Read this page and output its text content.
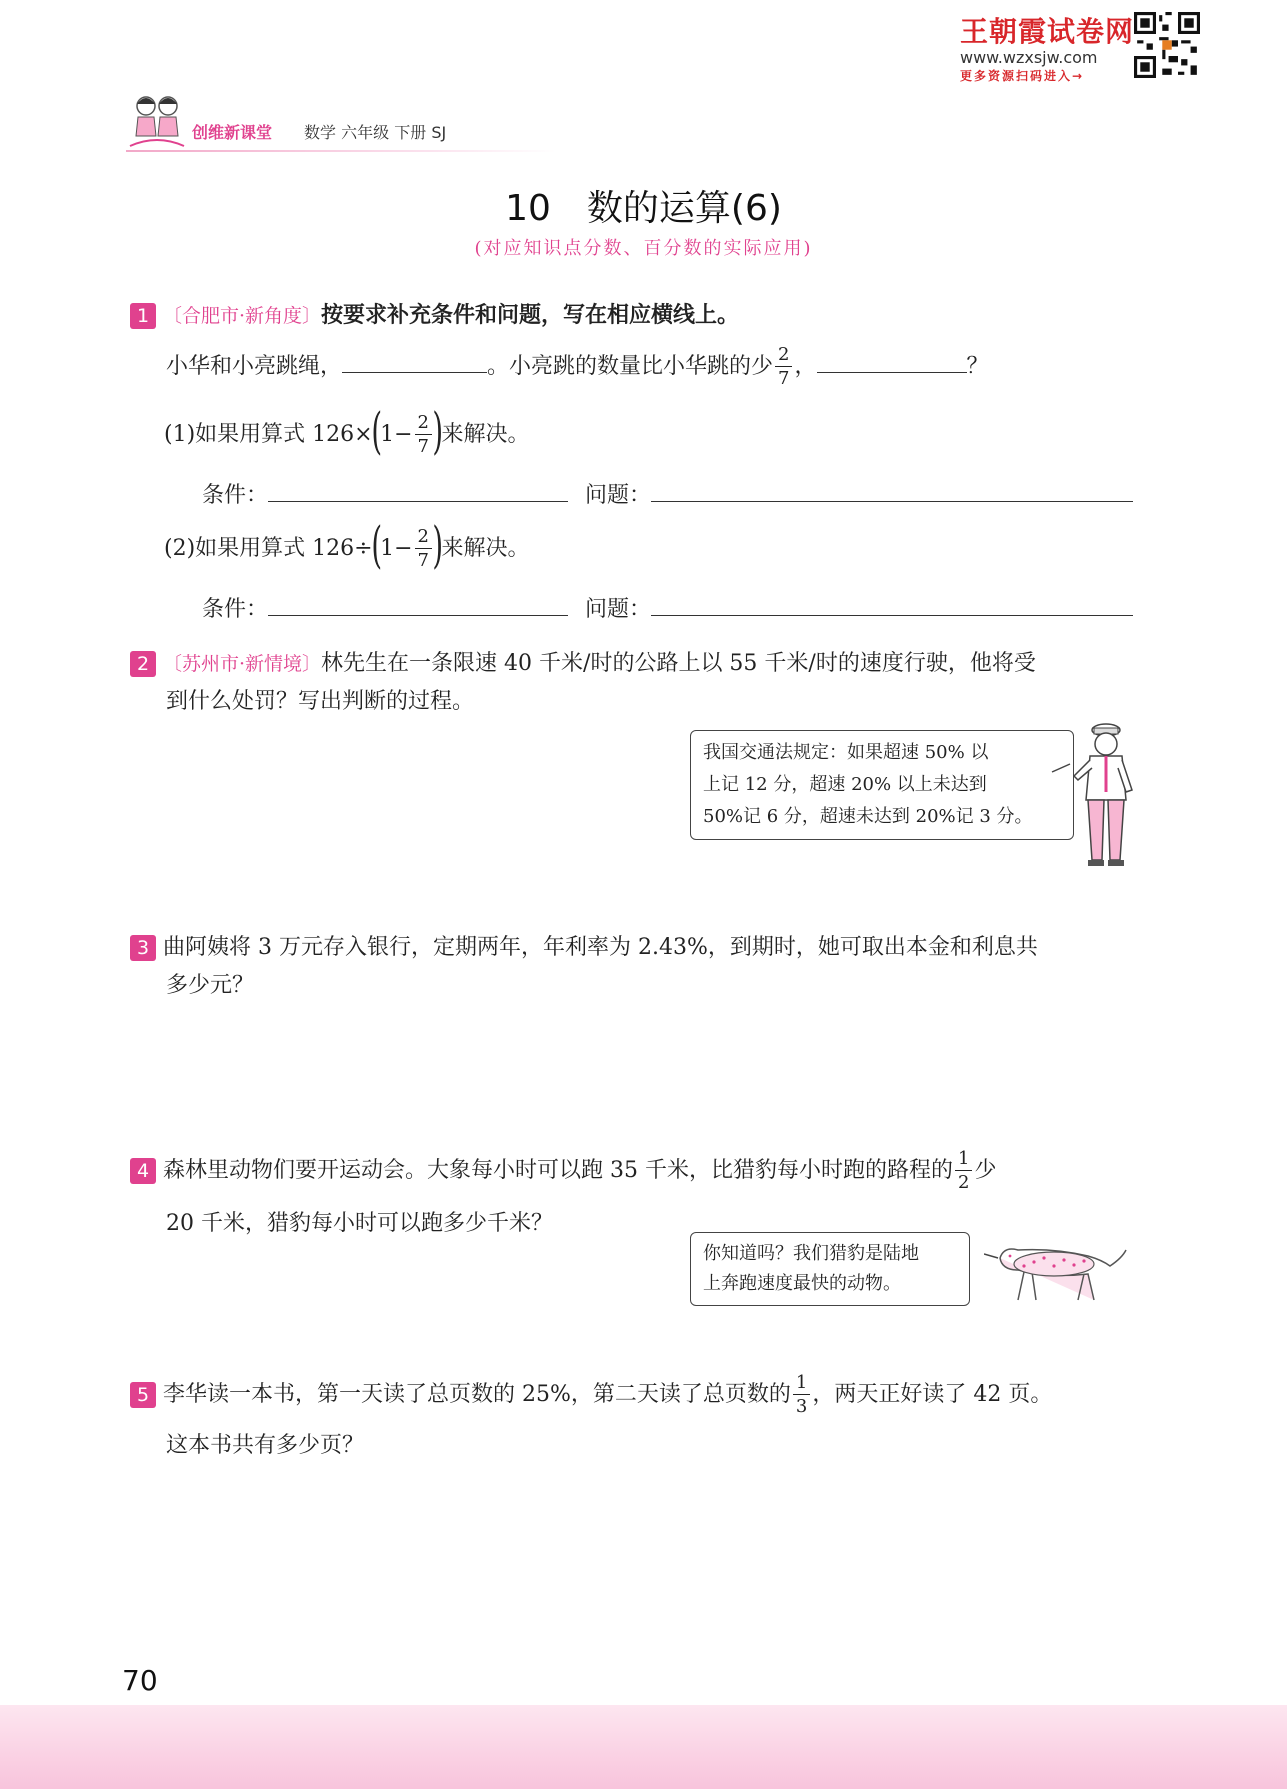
王朝霞试卷网
www.wzxsjw.com
更多资源扫码进入→
创维新课堂 数学 六年级 下册 SJ
10　数的运算(6)
(对应知识点分数、百分数的实际应用)
1 〔合肥市·新角度〕按要求补充条件和问题，写在相应横线上。
小华和小亮跳绳，	。小亮跳的数量比小华跳的少 $\frac{2}{7}$ ，	？
(1)如果用算式 $126\times(1- \frac{2}{7}$ )来解决。
条件：	问题：
(2)如果用算式 $126\div(1- \frac{2}{7}$ )来解决。
条件：	问题：
2 〔苏州市·新情境〕林先生在一条限速 40 千米/时的公路上以 55 千米/时的速度行驶，他将受
到什么处罚？写出判断的过程。
我国交通法规定：如果超速 50% 以
上记 12 分，超速 20% 以上未达到
50%记 6 分，超速未达到 20%记 3 分。
3 曲阿姨将 3 万元存入银行，定期两年，年利率为 2.43%，到期时，她可取出本金和利息共
多少元？
4 森林里动物们要开运动会。大象每小时可以跑 35 千米，比猎豹每小时跑的路程的 $\frac{1}{2}$ 少
20 千米，猎豹每小时可以跑多少千米？
你知道吗？我们猎豹是陆地
上奔跑速度最快的动物。
5 李华读一本书，第一天读了总页数的 25%，第二天读了总页数的 $\frac{1}{3}$ ，两天正好读了 42 页。
这本书共有多少页？
70
